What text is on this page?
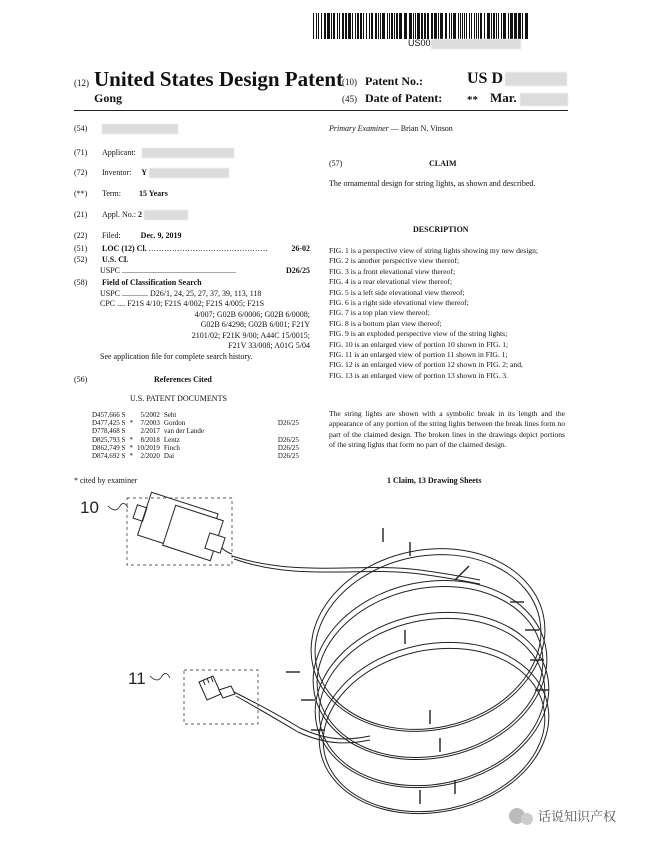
US00
(12) United States Design Patent
Gong
(10) Patent No.:	US D
(45) Date of Patent: ** Mar.
(54)
(71) Applicant:
(72) Inventor: Y
(**) Term: 15 Years
(21) Appl. No.: 2
(22) Filed:	Dec. 9, 2019
(51) LOC (12) Cl. ..............................................	26-02
(52) U.S. Cl.
USPC .........................................................	D26/25
(58) Field of Classification Search
USPC ............. D26/1, 24, 25, 27, 37, 39, 113, 118
CPC .... F21S 4/10; F21S 4/002; F21S 4/005; F21S
4/007; G02B 6/0006; G02B 6/0008;
G02B 6/4298; G02B 6/001; F21Y
2101/02; F21K 9/00; A44C 15/0015;
F21V 33/008; A01G 5/04
See application file for complete search history.
(56)	References Cited
U.S. PATENT DOCUMENTS
D457,666 S		5/2002	Seht	
D477,425 S	*	7/2003	Gordon	D26/25
D778,468 S		2/2017	van der Lande	
D825,793 S	*	8/2018	Lentz	D26/25
D862,749 S	*	10/2019	Finch	D26/25
D874,692 S	*	2/2020	Dai	D26/25
* cited by examiner
Primary Examiner — Brian N. Vinson
(57)	CLAIM
The ornamental design for string lights, as shown and described.
DESCRIPTION
FIG. 1 is a perspective view of string lights showing my new design;
FIG. 2 is another perspective view thereof;
FIG. 3 is a front elevational view thereof;
FIG. 4 is a rear elevational view thereof;
FIG. 5 is a left side elevational view thereof;
FIG. 6 is a right side elevational view thereof;
FIG. 7 is a top plan view thereof;
FIG. 8 is a bottom plan view thereof;
FIG. 9 is an exploded perspective view of the string lights;
FIG. 10 is an enlarged view of portion 10 shown in FIG. 1;
FIG. 11 is an enlarged view of portion 11 shown in FIG. 1;
FIG. 12 is an enlarged view of portion 12 shown in FIG. 2; and,
FIG. 13 is an enlarged view of portion 13 shown in FIG. 3.
The string lights are shown with a symbolic break in its length and the appearance of any portion of the string lights between the break lines form no part of the claimed design. The broken lines in the drawings depict portions of the string lights that form no part of the claimed design.
1 Claim, 13 Drawing Sheets
10
11
话说知识产权
